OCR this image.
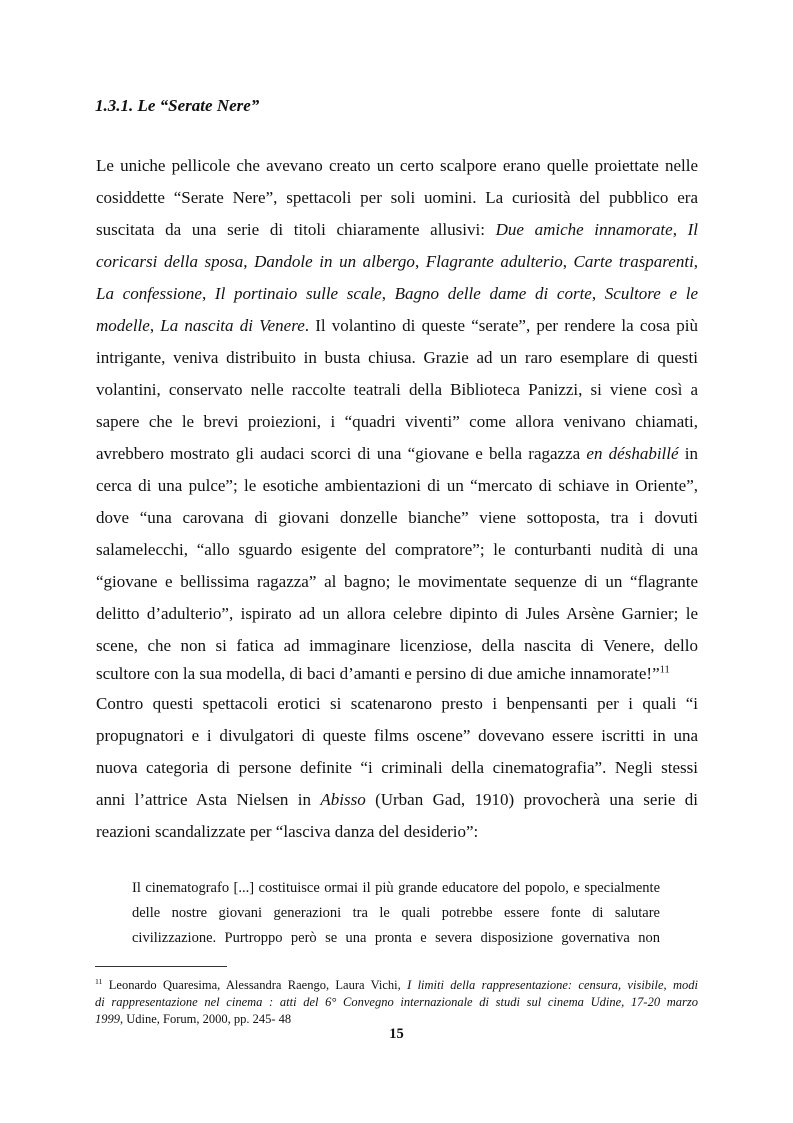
1.3.1. Le “Serate Nere”
Le uniche pellicole che avevano creato un certo scalpore erano quelle proiettate nelle
cosiddette “Serate Nere”, spettacoli per soli uomini. La curiosità del pubblico era
suscitata da una serie di titoli chiaramente allusivi: Due amiche innamorate, Il
coricarsi della sposa, Dandole in un albergo, Flagrante adulterio, Carte trasparenti,
La confessione, Il portinaio sulle scale, Bagno delle dame di corte, Scultore e le
modelle, La nascita di Venere. Il volantino di queste “serate”, per rendere la cosa più
intrigante, veniva distribuito in busta chiusa. Grazie ad un raro esemplare di questi
volantini, conservato nelle raccolte teatrali della Biblioteca Panizzi, si viene così a
sapere che le brevi proiezioni, i “quadri viventi” come allora venivano chiamati,
avrebbero mostrato gli audaci scorci di una “giovane e bella ragazza en déshabillé in
cerca di una pulce”; le esotiche ambientazioni di un “mercato di schiave in Oriente”,
dove “una carovana di giovani donzelle bianche” viene sottoposta, tra i dovuti
salamelecchi, “allo sguardo esigente del compratore”; le conturbanti nudità di una
“giovane e bellissima ragazza” al bagno; le movimentate sequenze di un “flagrante
delitto d’adulterio”, ispirato ad un allora celebre dipinto di Jules Arsène Garnier; le
scene, che non si fatica ad immaginare licenziose, della nascita di Venere, dello
scultore con la sua modella, di baci d’amanti e persino di due amiche innamorate!”$^{11}$
Contro questi spettacoli erotici si scatenarono presto i benpensanti per i quali “i
propugnatori e i divulgatori di queste films oscene” dovevano essere iscritti in una
nuova categoria di persone definite “i criminali della cinematografia”. Negli stessi
anni l’attrice Asta Nielsen in Abisso (Urban Gad, 1910) provocherà una serie di
reazioni scandalizzate per “lasciva danza del desiderio”:
Il cinematografo [...] costituisce ormai il più grande educatore del popolo, e specialmente
delle nostre giovani generazioni tra le quali potrebbe essere fonte di salutare
civilizzazione. Purtroppo però se una pronta e severa disposizione governativa non
$^{11}$ Leonardo Quaresima, Alessandra Raengo, Laura Vichi, I limiti della rappresentazione: censura, visibile, modi
di rappresentazione nel cinema : atti del 6° Convegno internazionale di studi sul cinema Udine, 17-20 marzo
1999, Udine, Forum, 2000, pp. 245- 48
15
